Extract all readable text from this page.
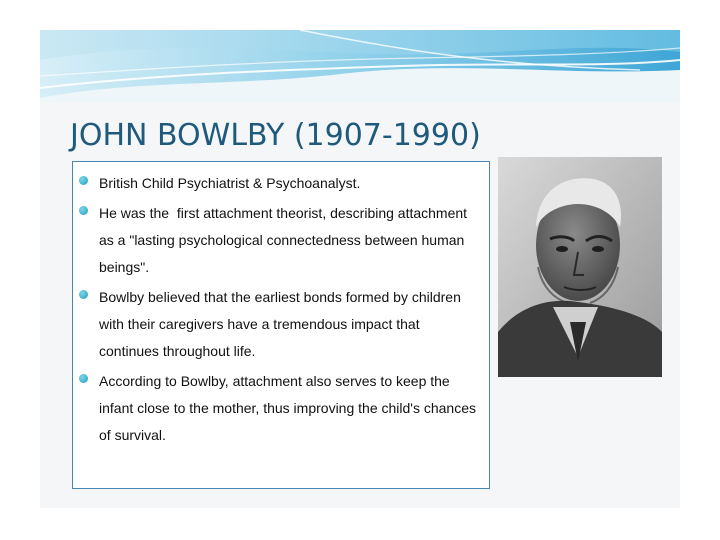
JOHN BOWLBY (1907-1990)
British Child Psychiatrist & Psychoanalyst.
He was the  first attachment theorist, describing attachment as a "lasting psychological connectedness between human beings".
Bowlby believed that the earliest bonds formed by children with their caregivers have a tremendous impact that continues throughout life.
According to Bowlby, attachment also serves to keep the infant close to the mother, thus improving the child's chances of survival.
